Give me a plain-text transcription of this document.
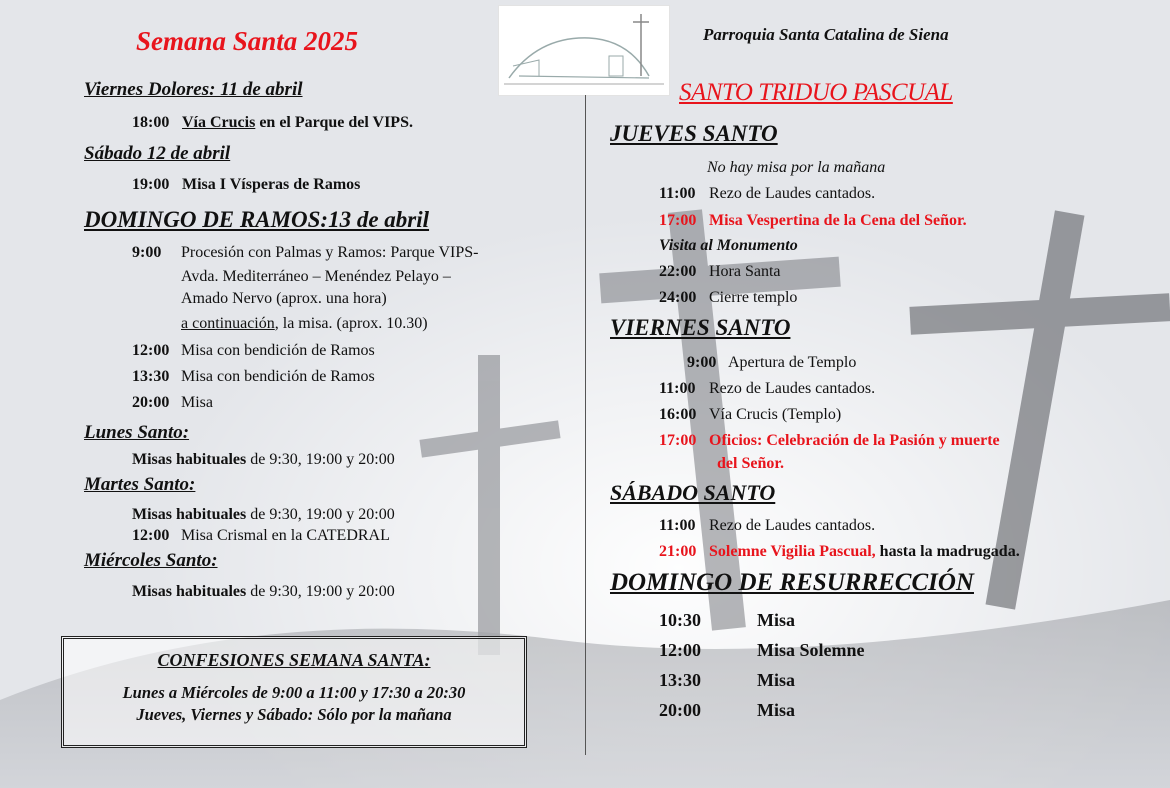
Semana Santa 2025
Viernes Dolores: 11 de abril
18:00 Vía Crucis en el Parque del VIPS.
Sábado 12 de abril
19:00 Misa I Vísperas de Ramos
DOMINGO DE RAMOS:13 de abril
9:00 Procesión con Palmas y Ramos: Parque VIPS-
Avda. Mediterráneo – Menéndez Pelayo –
Amado Nervo (aprox. una hora)
a continuación, la misa. (aprox. 10.30)
12:00 Misa con bendición de Ramos
13:30 Misa con bendición de Ramos
20:00 Misa
Lunes Santo:
Misas habituales de 9:30, 19:00 y 20:00
Martes Santo:
Misas habituales de 9:30, 19:00 y 20:00
12:00 Misa Crismal en la CATEDRAL
Miércoles Santo:
Misas habituales de 9:30, 19:00 y 20:00
CONFESIONES SEMANA SANTA:
Lunes a Miércoles de 9:00 a 11:00 y 17:30 a 20:30
Jueves, Viernes y Sábado: Sólo por la mañana
Parroquia Santa Catalina de Siena
SANTO TRIDUO PASCUAL
JUEVES SANTO
No hay misa por la mañana
11:00 Rezo de Laudes cantados.
17:00 Misa Vespertina de la Cena del Señor.
Visita al Monumento
22:00 Hora Santa
24:00 Cierre templo
VIERNES SANTO
9:00 Apertura de Templo
11:00 Rezo de Laudes cantados.
16:00 Vía Crucis (Templo)
17:00 Oficios: Celebración de la Pasión y muerte
del Señor.
SÁBADO SANTO
11:00 Rezo de Laudes cantados.
21:00 Solemne Vigilia Pascual, hasta la madrugada.
DOMINGO DE RESURRECCIÓN
10:30	Misa
12:00	Misa Solemne
13:30	Misa
20:00	Misa
